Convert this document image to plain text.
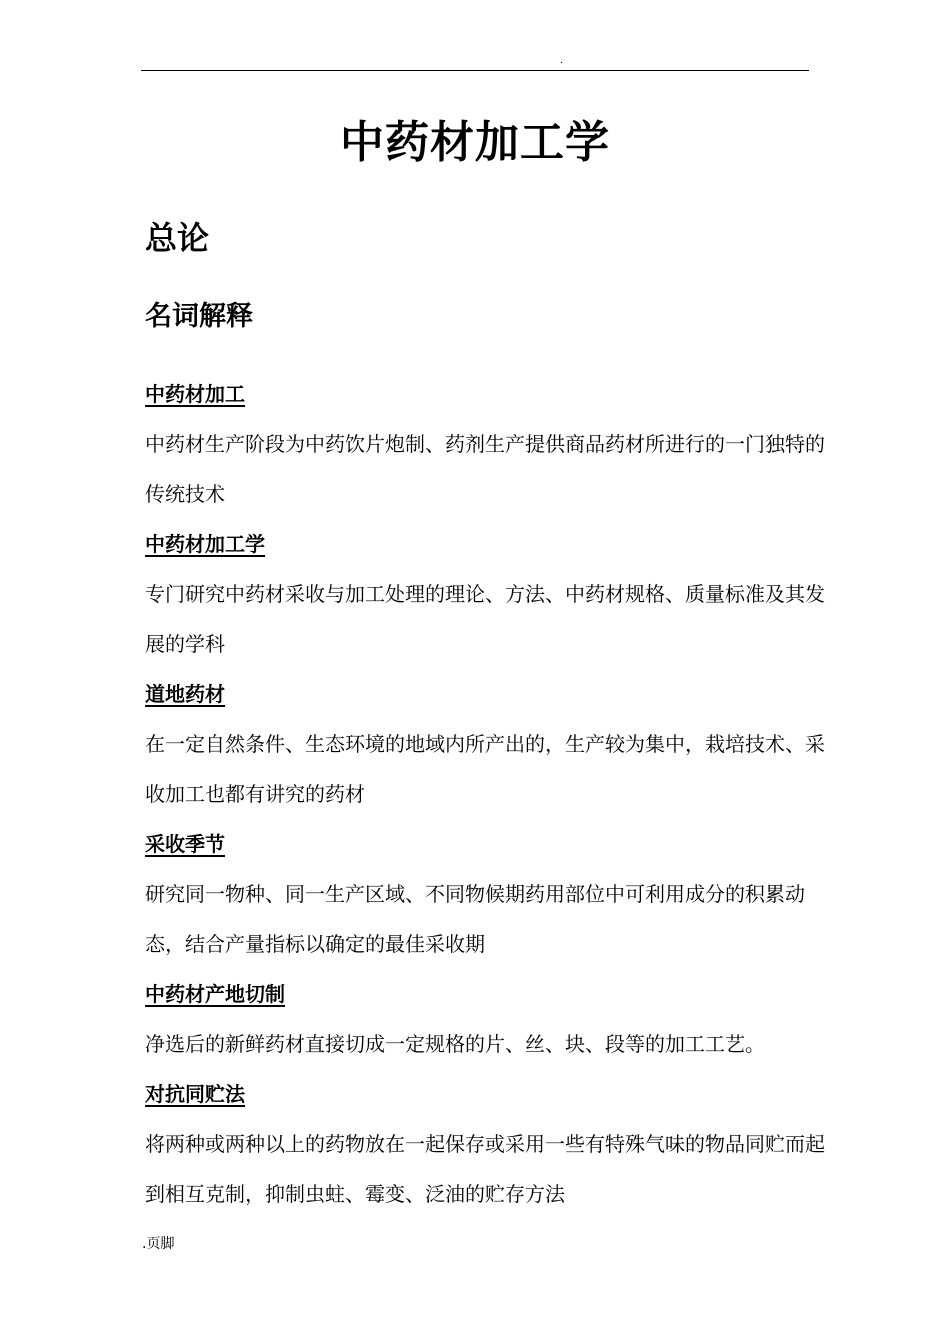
.
中药材加工学
总论
名词解释
中药材加工

中药材生产阶段为中药饮片炮制、药剂生产提供商品药材所进行的一门独特的传统技术

中药材加工学

专门研究中药材采收与加工处理的理论、方法、中药材规格、质量标准及其发展的学科

道地药材

在一定自然条件、生态环境的地域内所产出的，生产较为集中，栽培技术、采收加工也都有讲究的药材

采收季节

研究同一物种、同一生产区域、不同物候期药用部位中可利用成分的积累动态，结合产量指标以确定的最佳采收期

中药材产地切制

净选后的新鲜药材直接切成一定规格的片、丝、块、段等的加工工艺。

对抗同贮法

将两种或两种以上的药物放在一起保存或采用一些有特殊气味的物品同贮而起到相互克制，抑制虫蛀、霉变、泛油的贮存方法

.页脚
